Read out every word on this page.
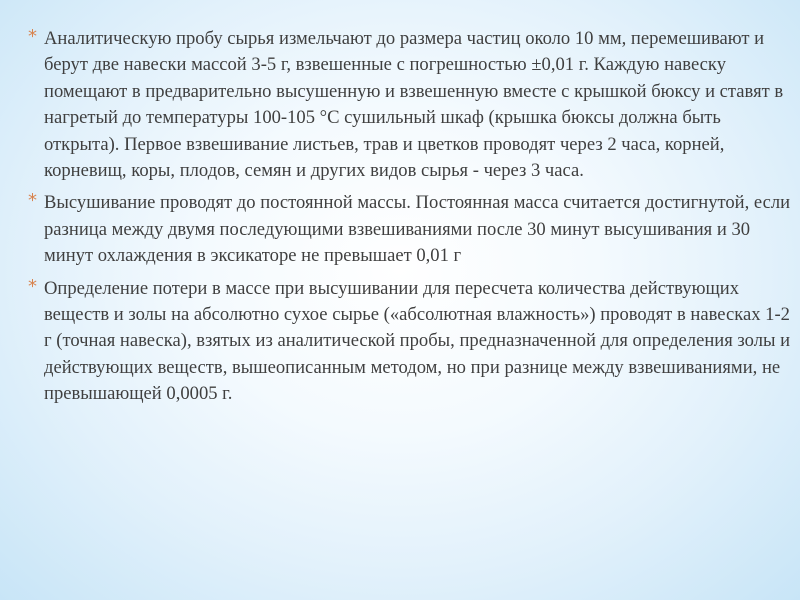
* Аналитическую пробу сырья измельчают до размера частиц около 10 мм, перемешивают и берут две навески массой 3-5 г, взвешенные с погрешностью ±0,01 г. Каждую навеску помещают в предварительно высушенную и взвешенную вместе с крышкой бюксу и ставят в нагретый до температуры 100-105 °С сушильный шкаф (крышка бюксы должна быть открыта). Первое взвешивание листьев, трав и цветков проводят через 2 часа, корней, корневищ, коры, плодов, семян и других видов сырья - через 3 часа.
* Высушивание проводят до постоянной массы. Постоянная масса считается достигнутой, если разница между двумя последующими взвешиваниями после 30 минут высушивания и 30 минут охлаждения в эксикаторе не превышает 0,01 г
* Определение потери в массе при высушивании для пересчета количества действующих веществ и золы на абсолютно сухое сырье («абсолютная влажность») проводят в навесках 1-2 г (точная навеска), взятых из аналитической пробы, предназначенной для определения золы и действующих веществ, вышеописанным методом, но при разнице между взвешиваниями, не превышающей 0,0005 г.
